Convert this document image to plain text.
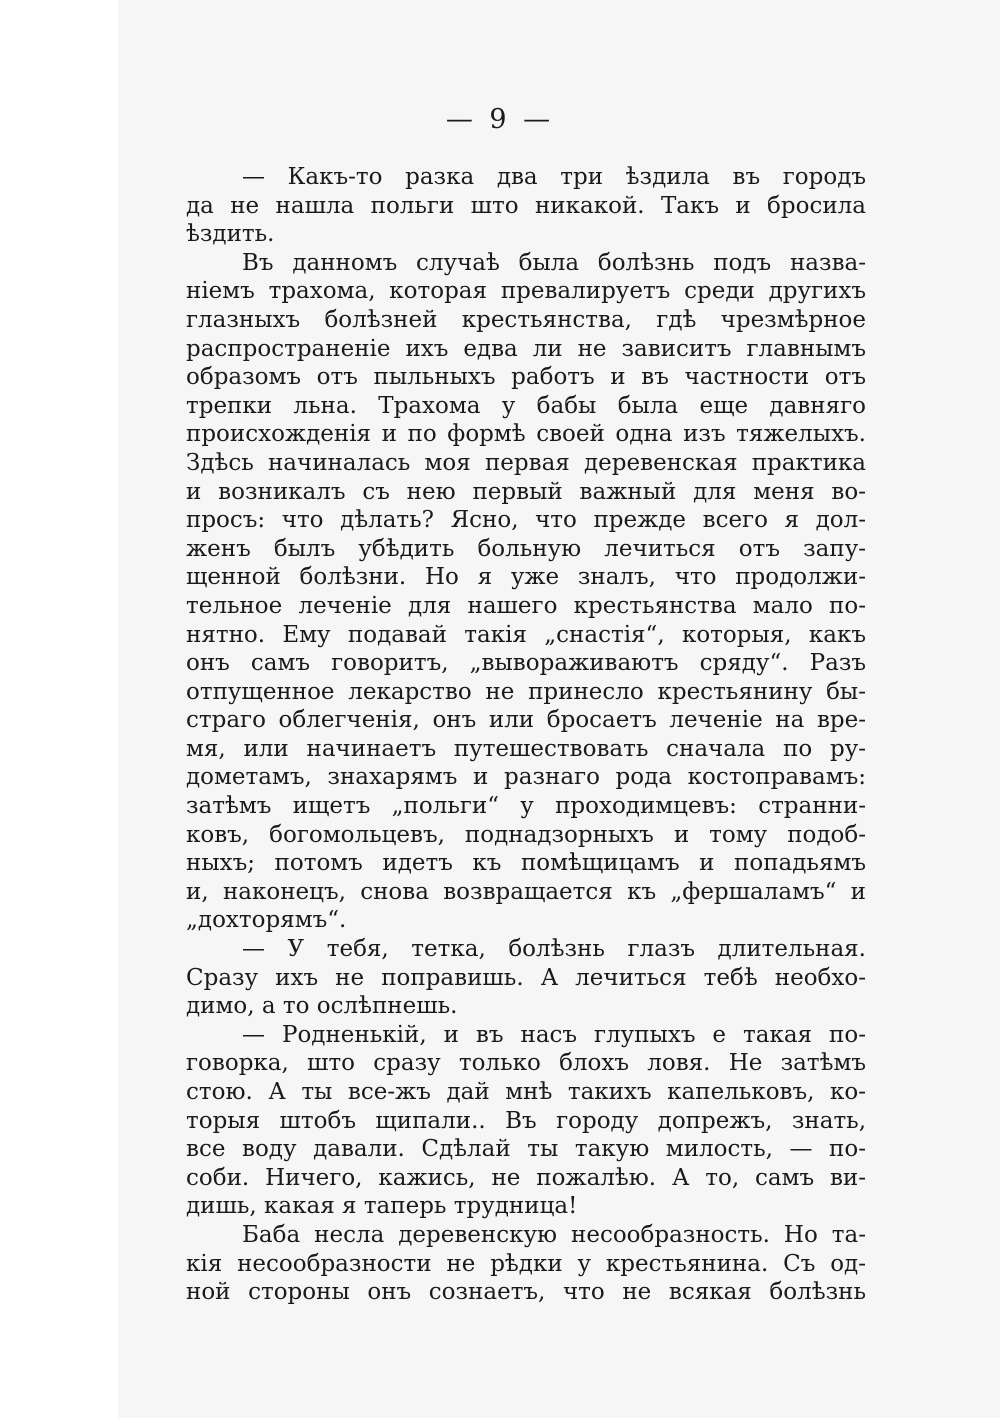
— 9 —
— Какъ-то разка два три ѣздила въ городъ
да не нашла польги што никакой. Такъ и бросила
ѣздить.
Въ данномъ случаѣ была болѣзнь подъ назва-
ніемъ трахома, которая превалируетъ среди другихъ
глазныхъ болѣзней крестьянства, гдѣ чрезмѣрное
распространеніе ихъ едва ли не зависитъ главнымъ
образомъ отъ пыльныхъ работъ и въ частности отъ
трепки льна. Трахома у бабы была еще давняго
происхожденія и по формѣ своей одна изъ тяжелыхъ.
Здѣсь начиналась моя первая деревенская практика
и возникалъ съ нею первый важный для меня во-
просъ: что дѣлать? Ясно, что прежде всего я дол-
женъ былъ убѣдить больную лечиться отъ запу-
щенной болѣзни. Но я уже зналъ, что продолжи-
тельное леченіе для нашего крестьянства мало по-
нятно. Ему подавай такія „снастія“, которыя, какъ
онъ самъ говоритъ, „вывораживаютъ сряду“. Разъ
отпущенное лекарство не принесло крестьянину бы-
страго облегченія, онъ или бросаетъ леченіе на вре-
мя, или начинаетъ путешествовать сначала по ру-
дометамъ, знахарямъ и разнаго рода костоправамъ:
затѣмъ ищетъ „польги“ у проходимцевъ: странни-
ковъ, богомольцевъ, поднадзорныхъ и тому подоб-
ныхъ; потомъ идетъ къ помѣщицамъ и попадьямъ
и, наконецъ, снова возвращается къ „фершаламъ“ и
„дохторямъ“.
— У тебя, тетка, болѣзнь глазъ длительная.
Сразу ихъ не поправишь. А лечиться тебѣ необхо-
димо, а то ослѣпнешь.
— Родненькій, и въ насъ глупыхъ е такая по-
говорка, што сразу только блохъ ловя. Не затѣмъ
стою. А ты все-жъ дай мнѣ такихъ капельковъ, ко-
торыя штобъ щипали.. Въ городу допрежъ, знать,
все воду давали. Сдѣлай ты такую милость, — по-
соби. Ничего, кажись, не пожалѣю. А то, самъ ви-
дишь, какая я таперь трудница!
Баба несла деревенскую несообразность. Но та-
кія несообразности не рѣдки у крестьянина. Съ од-
ной стороны онъ сознаетъ, что не всякая болѣзнь
